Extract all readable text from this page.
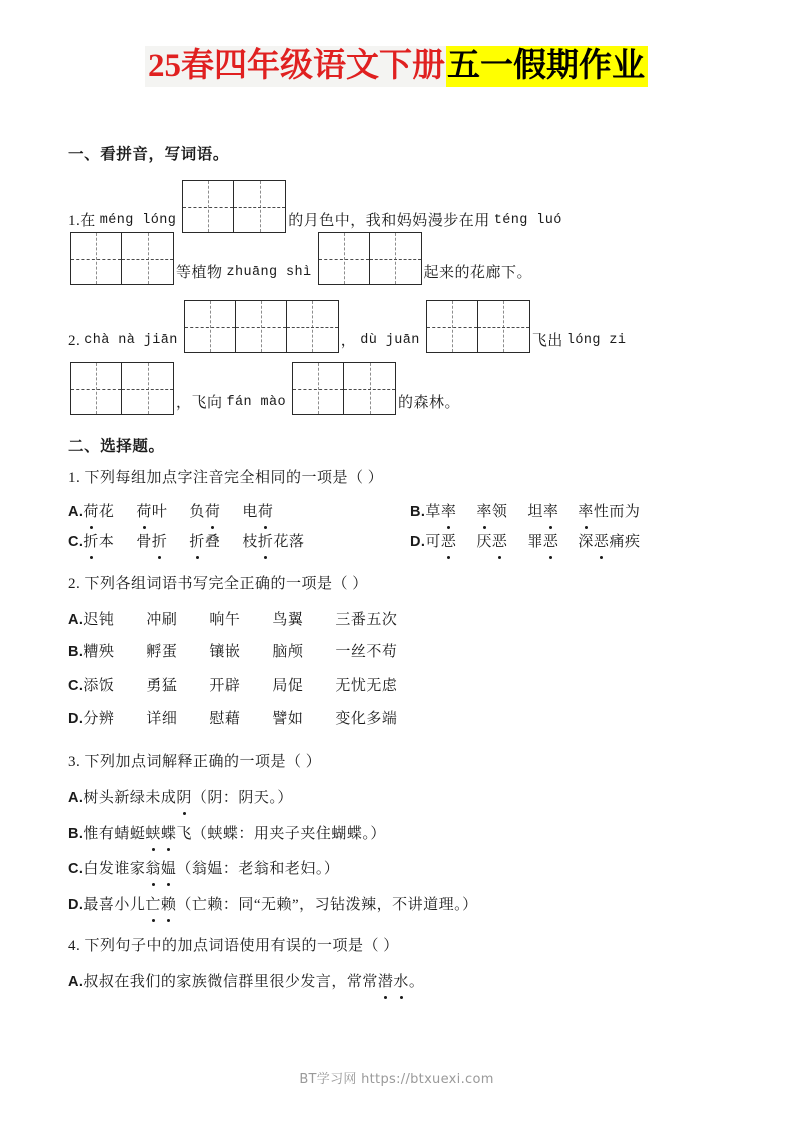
25春四年级语文下册五一假期作业
一、看拼音，写词语。
1. 在 méng lóng	的月色中，我和妈妈漫步在用 téng luó
等植物 zhuāng shì	起来的花廊下。
2. chà nà jiān	， dù juān	飞出 lóng zi
，飞向 fán mào	的森林。
二、选择题。
1. 下列每组加点字注音完全相同的一项是（ ）
A.荷花 荷叶 负荷 电荷	B.草率 率领 坦率 率性而为
C.折本 骨折 折叠 枝折花落	D.可恶 厌恶 罪恶 深恶痛疾
2. 下列各组词语书写完全正确的一项是（ ）
A.迟钝 冲刷 响午 鸟翼 三番五次
B.糟殃 孵蛋 镶嵌 脑颅 一丝不苟
C.添饭 勇猛 开辟 局促 无忧无虑
D.分辨 详细 慰藉 譬如 变化多端
3. 下列加点词解释正确的一项是（ ）
A.树头新绿未成阴（阴：阴天。）
B.惟有蜻蜓蛱蝶飞（蛱蝶：用夹子夹住蝴蝶。）
C.白发谁家翁媪（翁媪：老翁和老妇。）
D.最喜小儿亡赖（亡赖：同“无赖”，习钻泼辣，不讲道理。）
4. 下列句子中的加点词语使用有误的一项是（ ）
A.叔叔在我们的家族微信群里很少发言，常常潜水。
BT学习网 https://btxuexi.com
